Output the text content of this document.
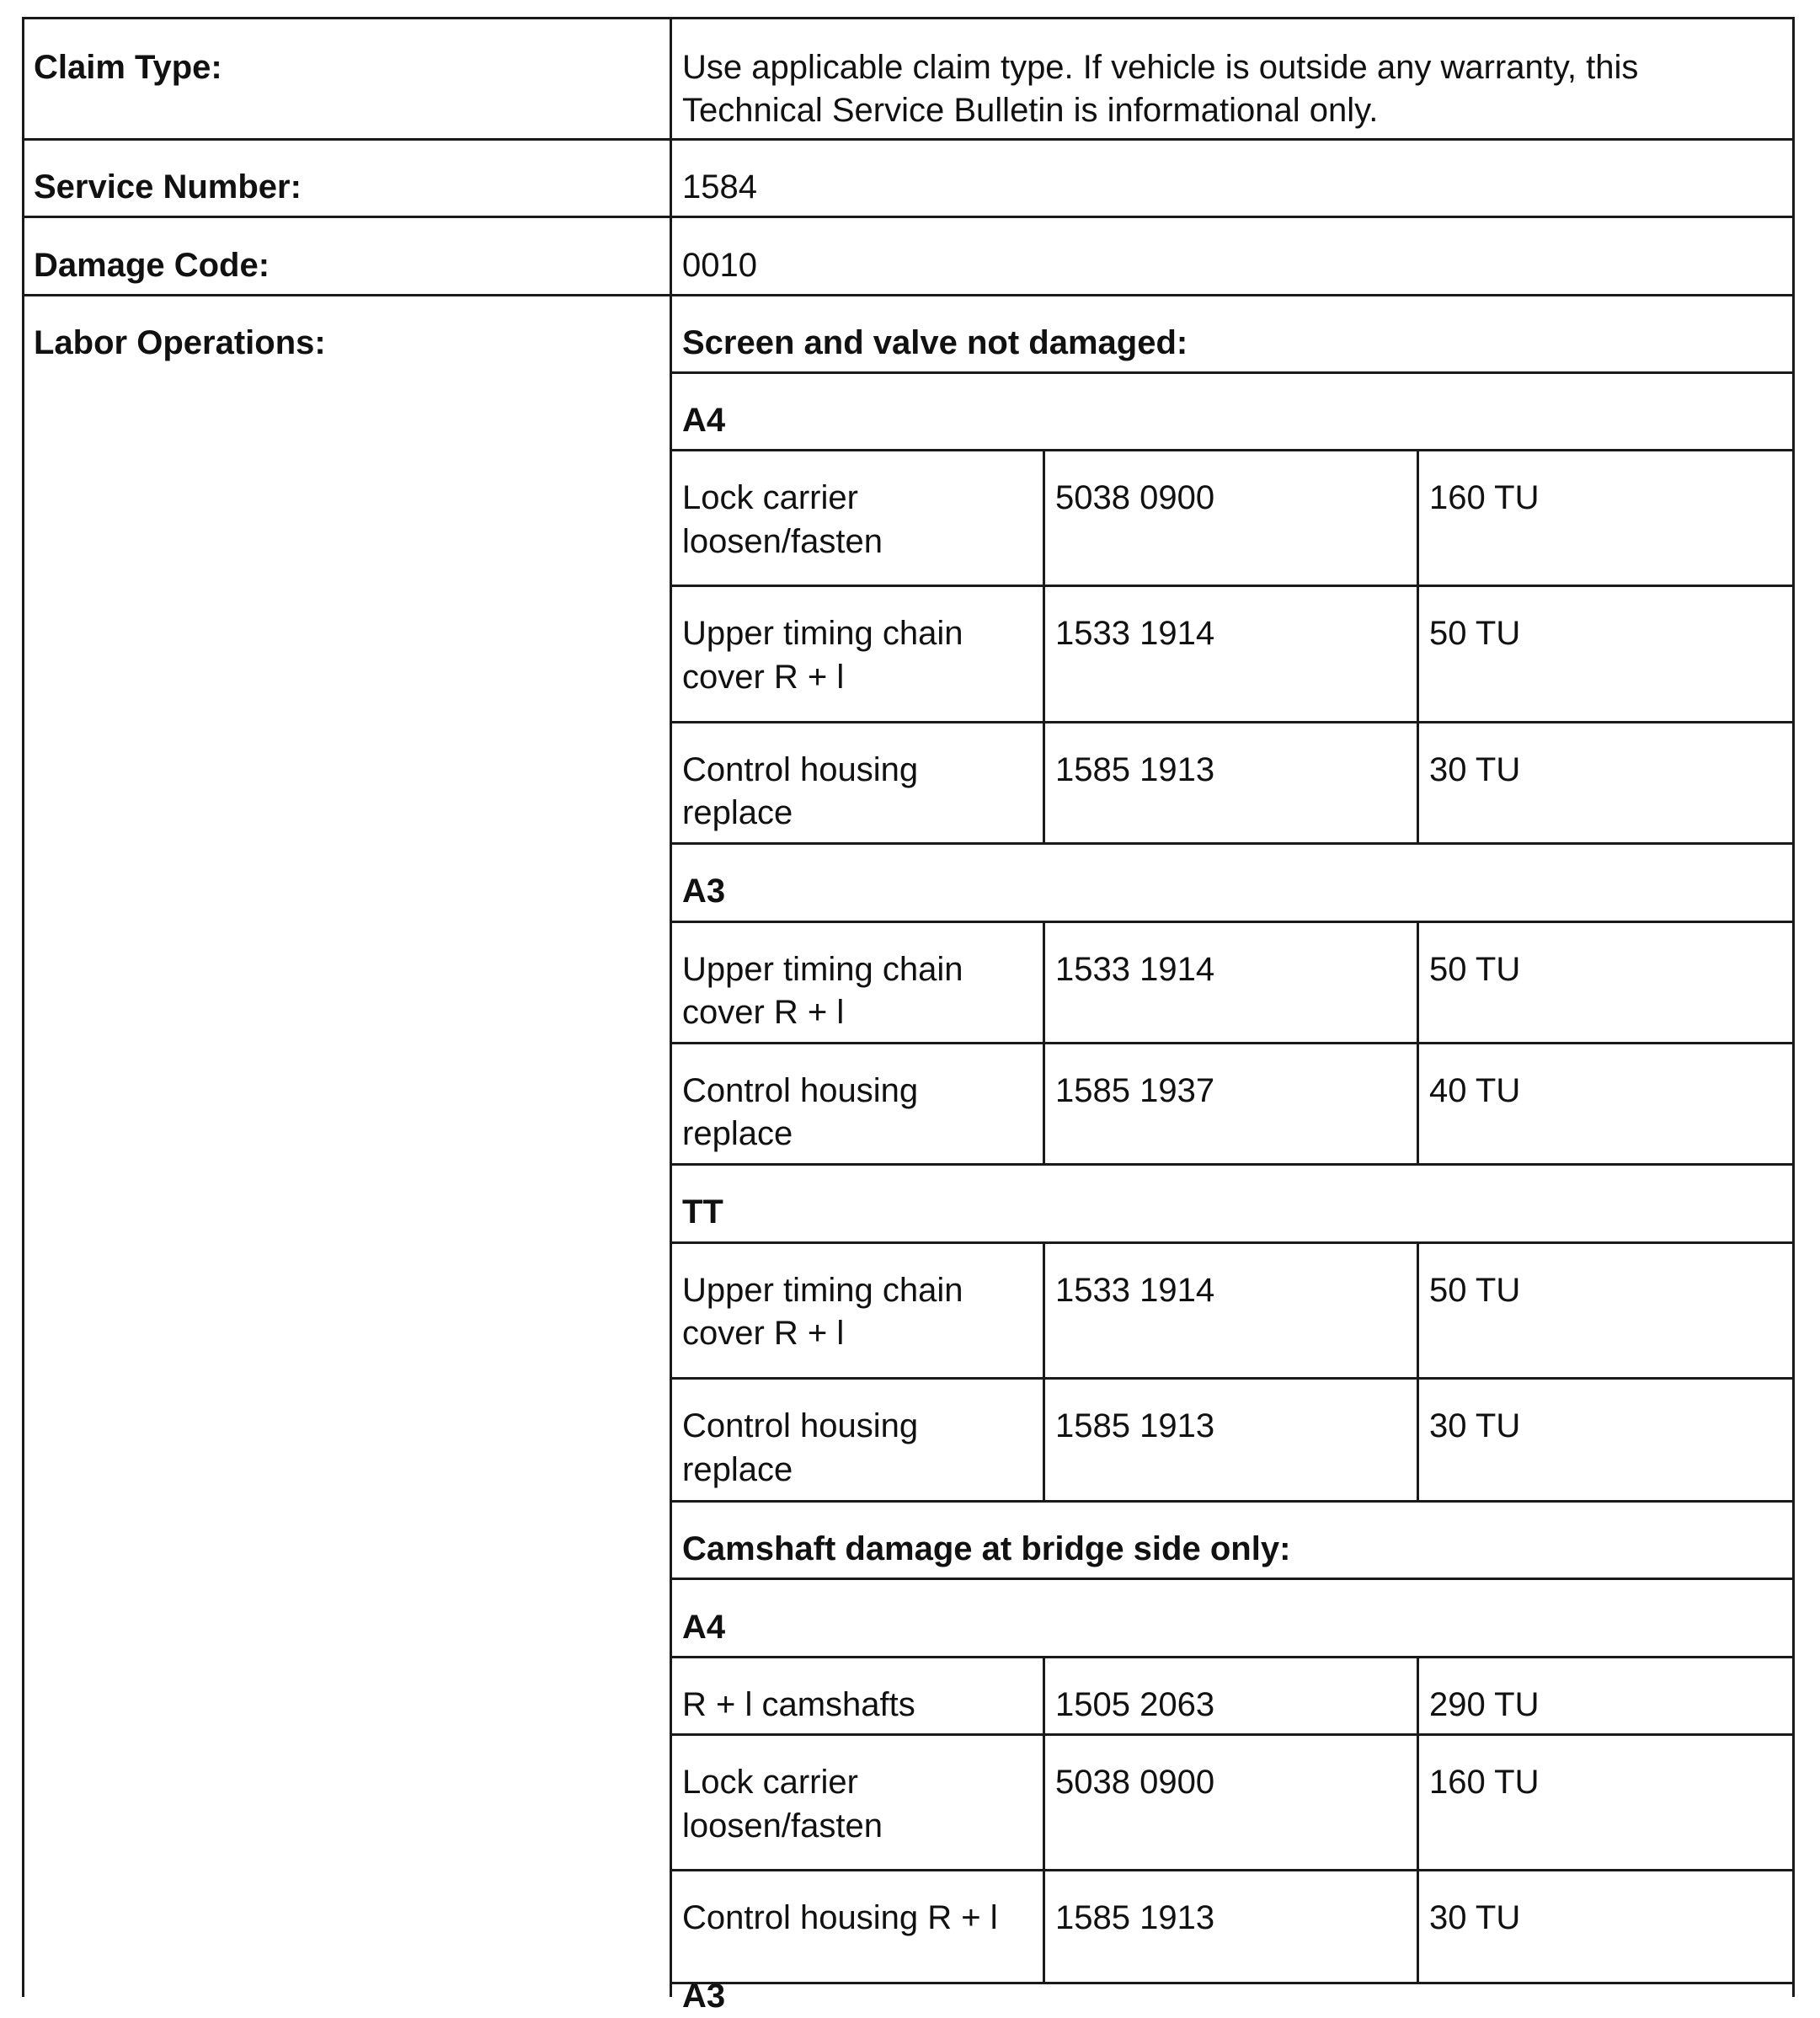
Claim Type:	Use applicable claim type. If vehicle is outside any warranty, this
Technical Service Bulletin is informational only.
Service Number:	1584
Damage Code:	0010
Labor Operations:	Screen and valve not damaged:
A4
Lock carrier
loosen/fasten
5038 0900	160 TU
Upper timing chain
cover R + l
1533 1914	50 TU
Control housing
replace
1585 1913	30 TU
A3
Upper timing chain
cover R + l
1533 1914	50 TU
Control housing
replace
1585 1937	40 TU
TT
Upper timing chain
cover R + l
1533 1914	50 TU
Control housing
replace
1585 1913	30 TU
Camshaft damage at bridge side only:
A4
R + l camshafts	1505 2063	290 TU
Lock carrier
loosen/fasten
5038 0900	160 TU
Control housing R + l 1585 1913	30 TU
A3
